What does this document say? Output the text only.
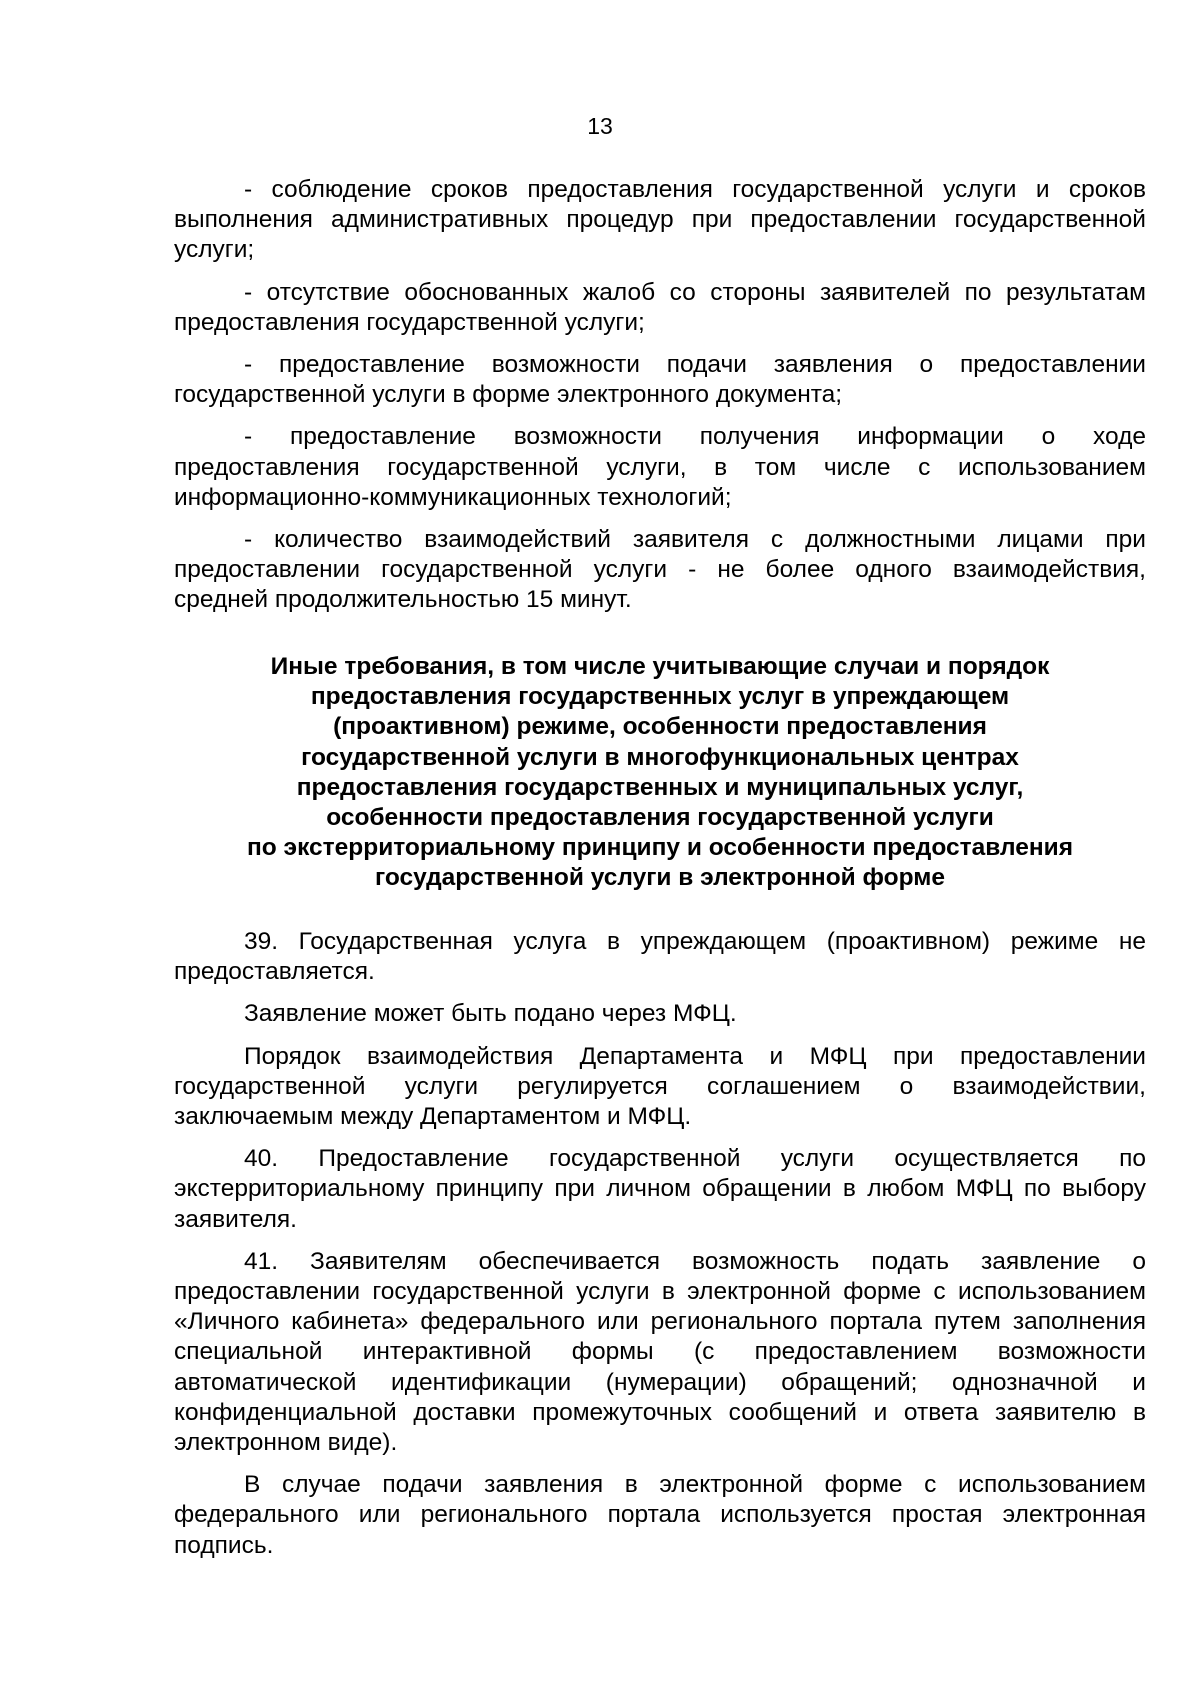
13

- соблюдение сроков предоставления государственной услуги и сроков выполнения административных процедур при предоставлении государственной услуги;

- отсутствие обоснованных жалоб со стороны заявителей по результатам предоставления государственной услуги;

- предоставление возможности подачи заявления о предоставлении государственной услуги в форме электронного документа;

- предоставление возможности получения информации о ходе предоставления государственной услуги, в том числе с использованием информационно-коммуникационных технологий;

- количество взаимодействий заявителя с должностными лицами при предоставлении государственной услуги - не более одного взаимодействия, средней продолжительностью 15 минут.

Иные требования, в том числе учитывающие случаи и порядок
предоставления государственных услуг в упреждающем
(проактивном) режиме, особенности предоставления
государственной услуги в многофункциональных центрах
предоставления государственных и муниципальных услуг,
особенности предоставления государственной услуги
по экстерриториальному принципу и особенности предоставления
государственной услуги в электронной форме

39. Государственная услуга в упреждающем (проактивном) режиме не предоставляется.

Заявление может быть подано через МФЦ.

Порядок взаимодействия Департамента и МФЦ при предоставлении государственной услуги регулируется соглашением о взаимодействии, заключаемым между Департаментом и МФЦ.

40. Предоставление государственной услуги осуществляется по экстерриториальному принципу при личном обращении в любом МФЦ по выбору заявителя.

41. Заявителям обеспечивается возможность подать заявление о предоставлении государственной услуги в электронной форме с использованием «Личного кабинета» федерального или регионального портала путем заполнения специальной интерактивной формы (с предоставлением возможности автоматической идентификации (нумерации) обращений; однозначной и конфиденциальной доставки промежуточных сообщений и ответа заявителю в электронном виде).

В случае подачи заявления в электронной форме с использованием федерального или регионального портала используется простая электронная подпись.
